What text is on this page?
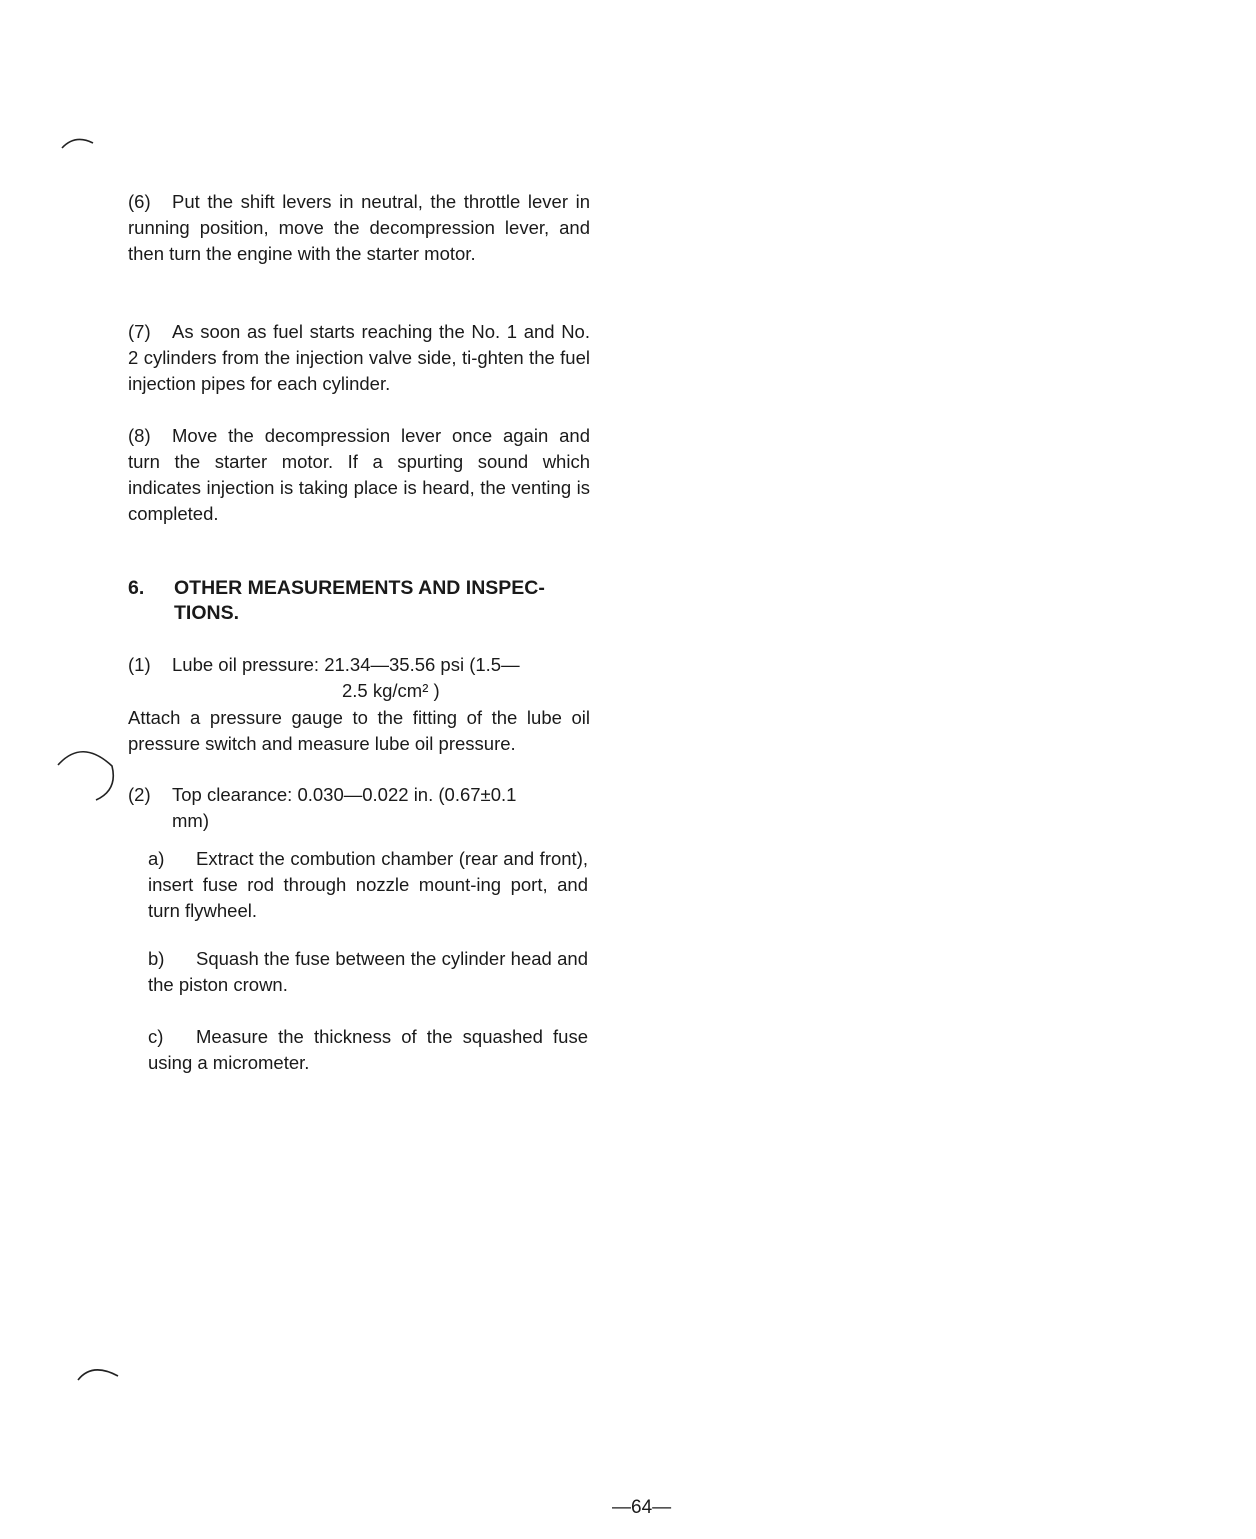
(6) Put the shift levers in neutral, the throttle lever in running position, move the decompression lever, and then turn the engine with the starter motor.

(7) As soon as fuel starts reaching the No. 1 and No. 2 cylinders from the injection valve side, ti-ghten the fuel injection pipes for each cylinder.

(8) Move the decompression lever once again and turn the starter motor. If a spurting sound which indicates injection is taking place is heard, the venting is completed.

6. OTHER MEASUREMENTS AND INSPEC-
TIONS.
(1) Lube oil pressure: 21.34—35.56 psi (1.5—
2.5 kg/cm² )
Attach a pressure gauge to the fitting of the lube oil pressure switch and measure lube oil pressure.
(2) Top clearance: 0.030—0.022 in. (0.67±0.1
mm)
a) Extract the combution chamber (rear and front), insert fuse rod through nozzle mount-ing port, and turn flywheel.
b) Squash the fuse between the cylinder head and the piston crown.
c) Measure the thickness of the squashed fuse using a micrometer.
—64—
